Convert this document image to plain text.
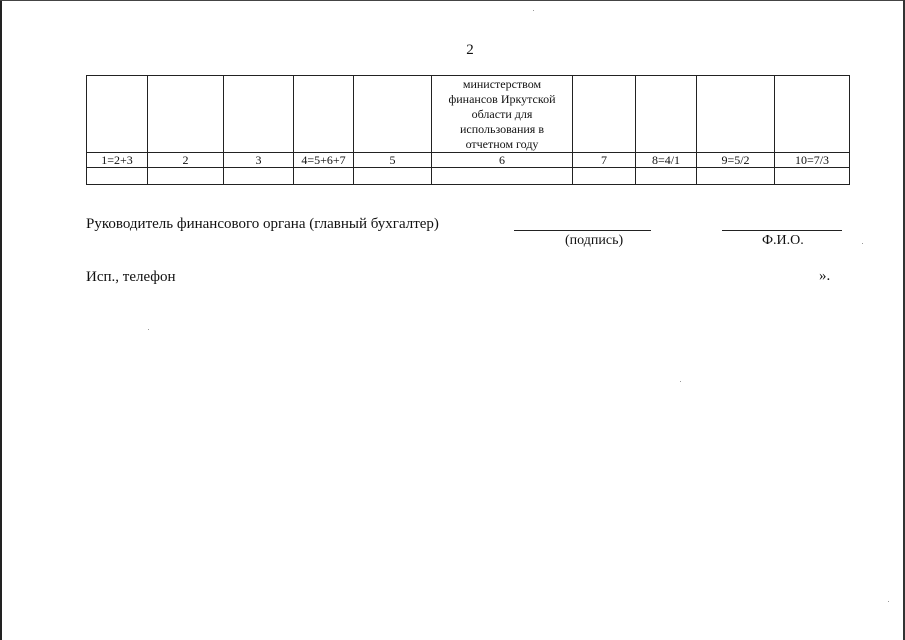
2

					министерством
финансов Иркутской
области для
использования в
отчетном году				

1=2+3	2	3	4=5+6+7	5	6	7	8=4/1	9=5/2	10=7/3

Руководитель финансового органа (главный бухгалтер)
(подпись)	Ф.И.О.
Исп., телефон	».
